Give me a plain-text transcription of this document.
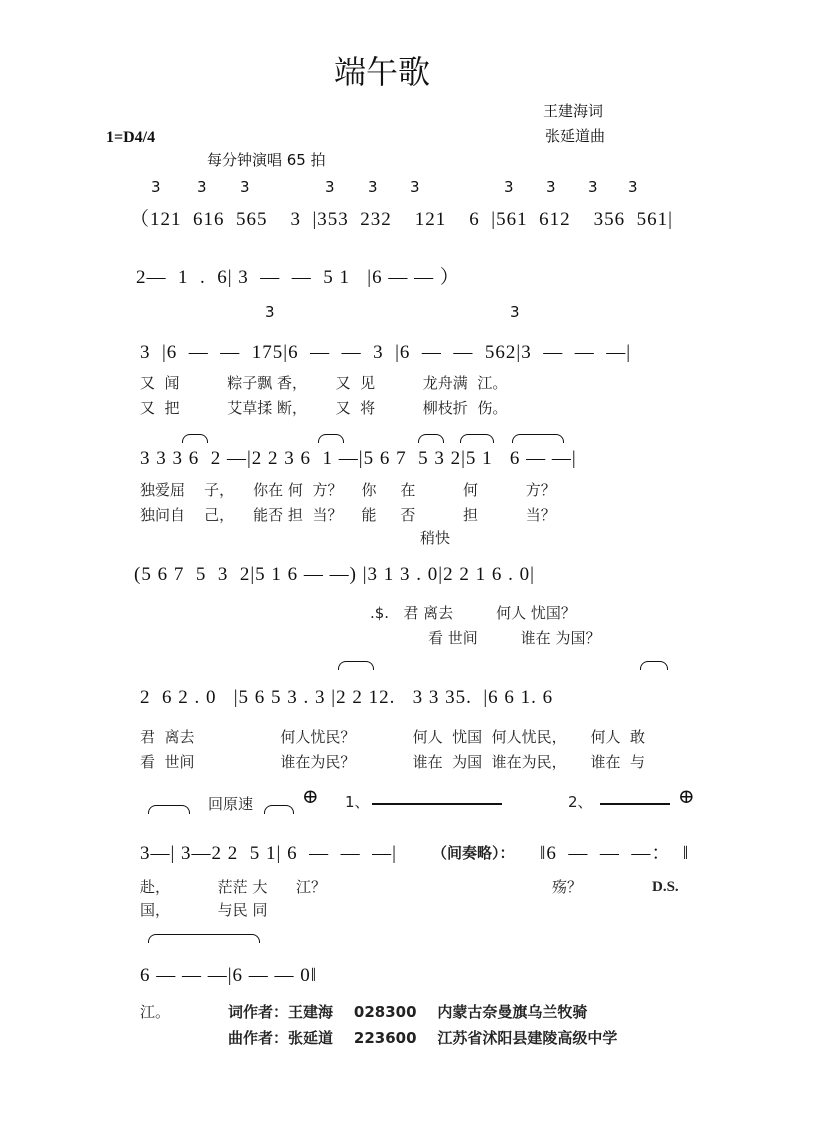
端午歌
王建海词
张延道曲
1=D4/4
每分钟演唱 65 拍
3 3 3	3 3 3	3 3 3 3
（121  616  565    3  |353  232    121    6  |561  612    356  561|
2—  1  .  6| 3  —  —  5 1   |6 — — ）
3	3
3  |6  —  —  175|6  —  —  3  |6  —  —  562|3  —  —  —|
又  闻          粽子飘 香，      又  见          龙舟满  江。
又  把          艾草揉 断，      又  将          柳枝折  伤。
3 3 3 6  2 —|2 2 3 6  1 —|5 6 7  5 3 2|5 1   6 — —|
独爱屈    子，    你在 何  方？    你     在          何          方？
独问自    己，    能否 担  当？    能     否          担          当？
稍快
(5 6 7  5  3  2|5 1 6 — —) |3 1 3 . 0|2 2 1 6 . 0|
.$.   君 离去         何人 忧国？
看 世间         谁在 为国？
2  6 2 . 0   |5 6 5 3 . 3 |2 2 12.   3 3 35.  |6 6 1. 6
君  离去                  何人忧民？            何人  忧国  何人忧民，     何人  敢
看  世间                  谁在为民？            谁在  为国  谁在为民，     谁在  与
回原速 ⊕ 1、	2、	⊕
3—| 3—2 2  5 1| 6  —  —  —| （间奏略）： ‖6  —  —  —：  ‖
赴，          茫茫 大      江？	殇？	D.S.
国，          与民 同
6 — — —|6 — — 0‖
江。	词作者：王建海    028300    内蒙古奈曼旗乌兰牧骑
曲作者：张延道    223600    江苏省沭阳县建陵高级中学
